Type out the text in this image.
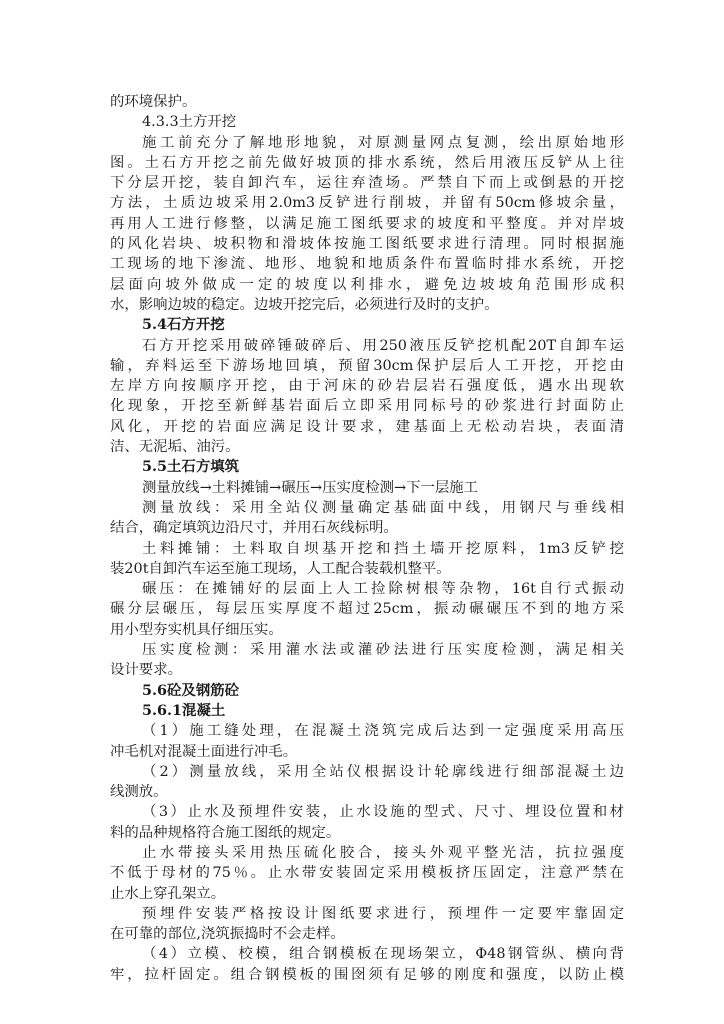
的环境保护。
4.3.3土方开挖
施工前充分了解地形地貌，对原测量网点复测，绘出原始地形
图。土石方开挖之前先做好坡顶的排水系统，然后用液压反铲从上往
下分层开挖，装自卸汽车，运往弃渣场。严禁自下而上或倒悬的开挖
方法，土质边坡采用2.0m3反铲进行削坡，并留有50cm修坡余量，
再用人工进行修整，以满足施工图纸要求的坡度和平整度。并对岸坡
的风化岩块、坡积物和滑坡体按施工图纸要求进行清理。同时根据施
工现场的地下渗流、地形、地貌和地质条件布置临时排水系统，开挖
层面向坡外做成一定的坡度以利排水，避免边坡坡角范围形成积
水，影响边坡的稳定。边坡开挖完后，必须进行及时的支护。
5.4石方开挖
石方开挖采用破碎锤破碎后、用250液压反铲挖机配20T自卸车运
输，弃料运至下游场地回填，预留30cm保护层后人工开挖，开挖由
左岸方向按顺序开挖，由于河床的砂岩层岩石强度低，遇水出现软
化现象，开挖至新鲜基岩面后立即采用同标号的砂浆进行封面防止
风化，开挖的岩面应满足设计要求，建基面上无松动岩块，表面清
洁、无泥垢、油污。
5.5土石方填筑
测量放线→土料摊铺→碾压→压实度检测→下一层施工
测量放线：采用全站仪测量确定基础面中线，用钢尺与垂线相
结合，确定填筑边沿尺寸，并用石灰线标明。
土料摊铺：土料取自坝基开挖和挡土墙开挖原料，1m3反铲挖
装20t自卸汽车运至施工现场，人工配合装载机整平。
碾压：在摊铺好的层面上人工捡除树根等杂物，16t自行式振动
碾分层碾压，每层压实厚度不超过25cm，振动碾碾压不到的地方采
用小型夯实机具仔细压实。
压实度检测：采用灌水法或灌砂法进行压实度检测，满足相关
设计要求。
5.6砼及钢筋砼
5.6.1混凝土
（1）施工缝处理，在混凝土浇筑完成后达到一定强度采用高压
冲毛机对混凝土面进行冲毛。
（2）测量放线，采用全站仪根据设计轮廓线进行细部混凝土边
线测放。
（3）止水及预埋件安装，止水设施的型式、尺寸、埋设位置和材
料的品种规格符合施工图纸的规定。
止水带接头采用热压硫化胶合，接头外观平整光洁，抗拉强度
不低于母材的75％。止水带安装固定采用模板挤压固定，注意严禁在
止水上穿孔架立。
预埋件安装严格按设计图纸要求进行，预埋件一定要牢靠固定
在可靠的部位,浇筑振捣时不会走样。
（4）立模、校模，组合钢模板在现场架立，Φ48钢管纵、横向背
牢，拉杆固定。组合钢模板的围囹须有足够的刚度和强度，以防止模
